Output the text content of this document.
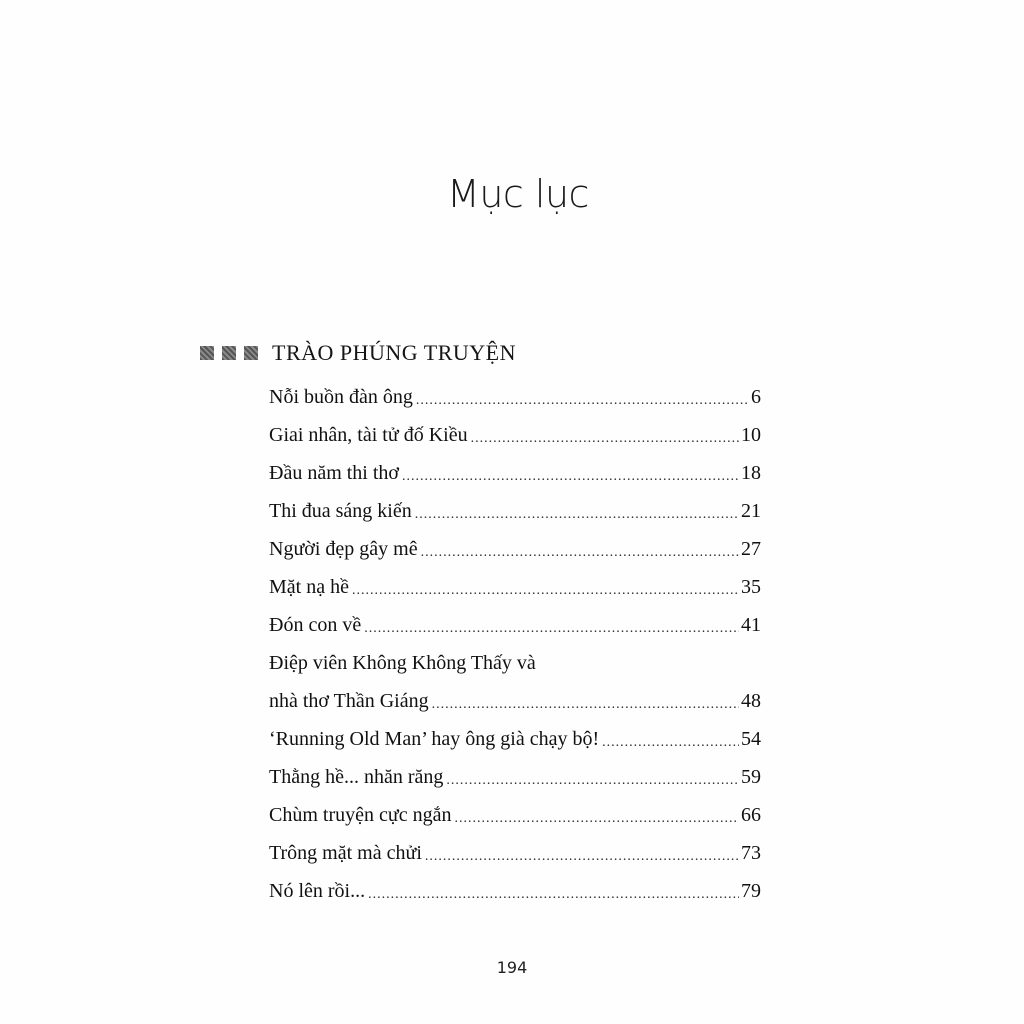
Mục lục
TRÀO PHÚNG TRUYỆN
Nỗi buồn đàn ông .....	6
Giai nhân, tài tử đố Kiều .....	10
Đầu năm thi thơ .....	18
Thi đua sáng kiến .....	21
Người đẹp gây mê .....	27
Mặt nạ hề .....	35
Đón con về .....	41
Điệp viên Không Không Thấy và
nhà thơ Thần Giáng .....	48
‘Running Old Man’ hay ông già chạy bộ! .....	54
Thằng hề... nhăn răng .....	59
Chùm truyện cực ngắn .....	66
Trông mặt mà chửi .....	73
Nó lên rồi... .....	79
194
